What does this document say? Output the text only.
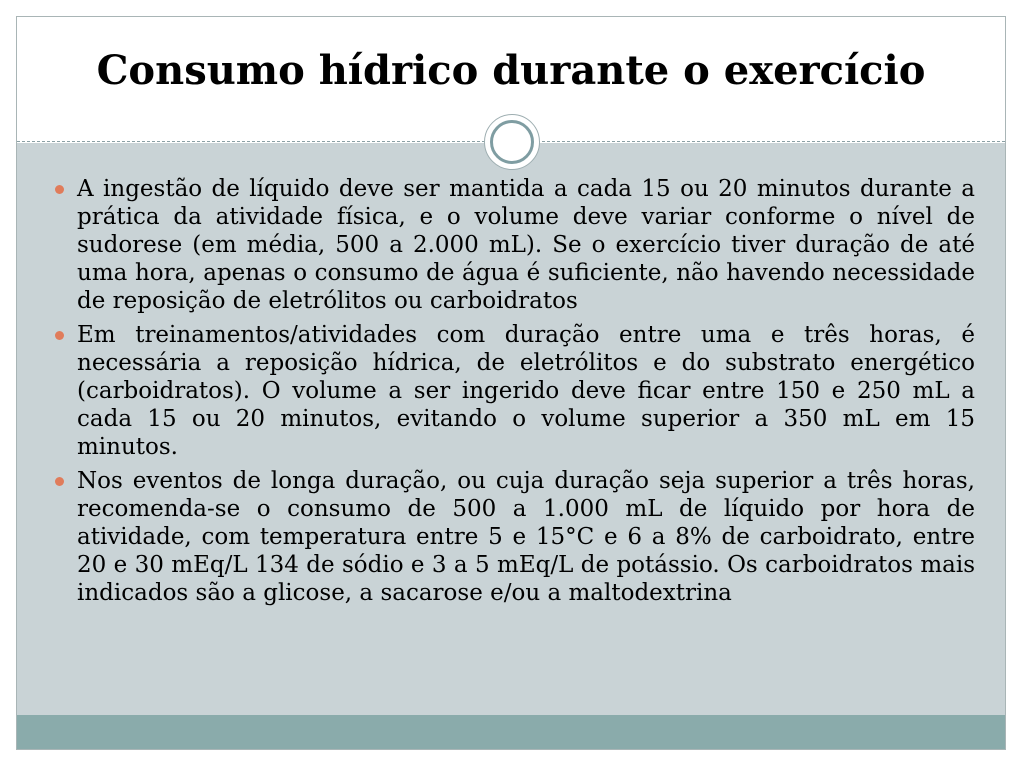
Consumo hídrico durante o exercício
A ingestão de líquido deve ser mantida a cada 15 ou 20 minutos durante a prática da atividade física, e o volume deve variar conforme o nível de sudorese (em média, 500 a 2.000 mL). Se o exercício tiver duração de até uma hora, apenas o consumo de água é suficiente, não havendo necessidade de reposição de eletrólitos ou carboidratos
Em treinamentos/atividades com duração entre uma e três horas, é necessária a reposição hídrica, de eletrólitos e do substrato energético (carboidratos). O volume a ser ingerido deve ficar entre 150 e 250 mL a cada 15 ou 20 minutos, evitando o volume superior a 350 mL em 15 minutos.
Nos eventos de longa duração, ou cuja duração seja superior a três horas, recomenda-se o consumo de 500 a 1.000 mL de líquido por hora de atividade, com temperatura entre 5 e 15°C e 6 a 8% de carboidrato, entre 20 e 30 mEq/L 134 de sódio e 3 a 5 mEq/L de potássio. Os carboidratos mais indicados são a glicose, a sacarose e/ou a maltodextrina
